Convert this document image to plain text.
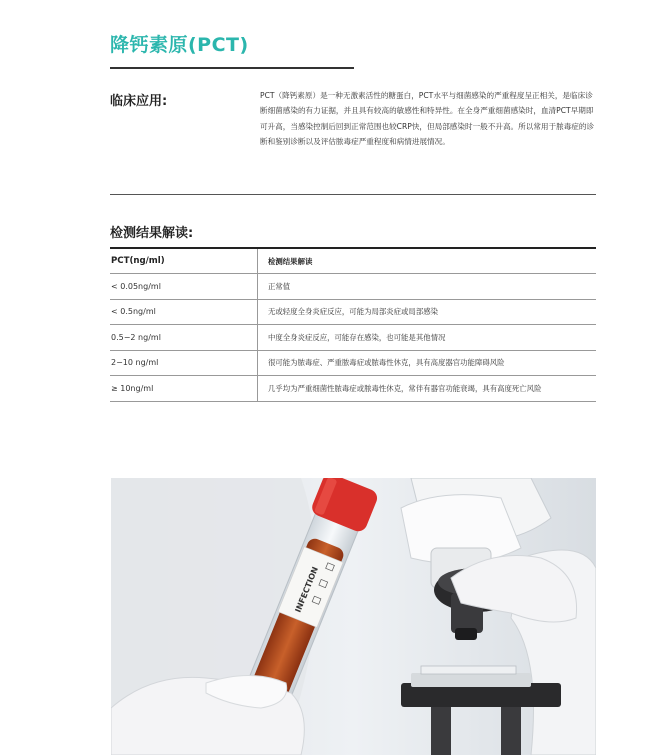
降钙素原(PCT)
临床应用:	PCT（降钙素原）是一种无激素活性的糖蛋白，PCT水平与细菌感染的严重程度呈正相关，是临床诊断细菌感染的有力证据，并且具有较高的敏感性和特异性。在全身严重细菌感染时，血清PCT早期即可升高，当感染控制后回到正常范围也较CRP快，但局部感染时一般不升高。所以常用于脓毒症的诊断和鉴别诊断以及评估脓毒症严重程度和病情进展情况。
检测结果解读:
PCT(ng/ml)	检测结果解读
< 0.05ng/ml	正常值
< 0.5ng/ml	无或轻度全身炎症反应，可能为局部炎症或局部感染
0.5−2 ng/ml	中度全身炎症反应，可能存在感染，也可能是其他情况
2−10 ng/ml	很可能为脓毒症、严重脓毒症或脓毒性休克，具有高度器官功能障碍风险
≥ 10ng/ml	几乎均为严重细菌性脓毒症或脓毒性休克，常伴有器官功能衰竭，具有高度死亡风险
INFECTION
